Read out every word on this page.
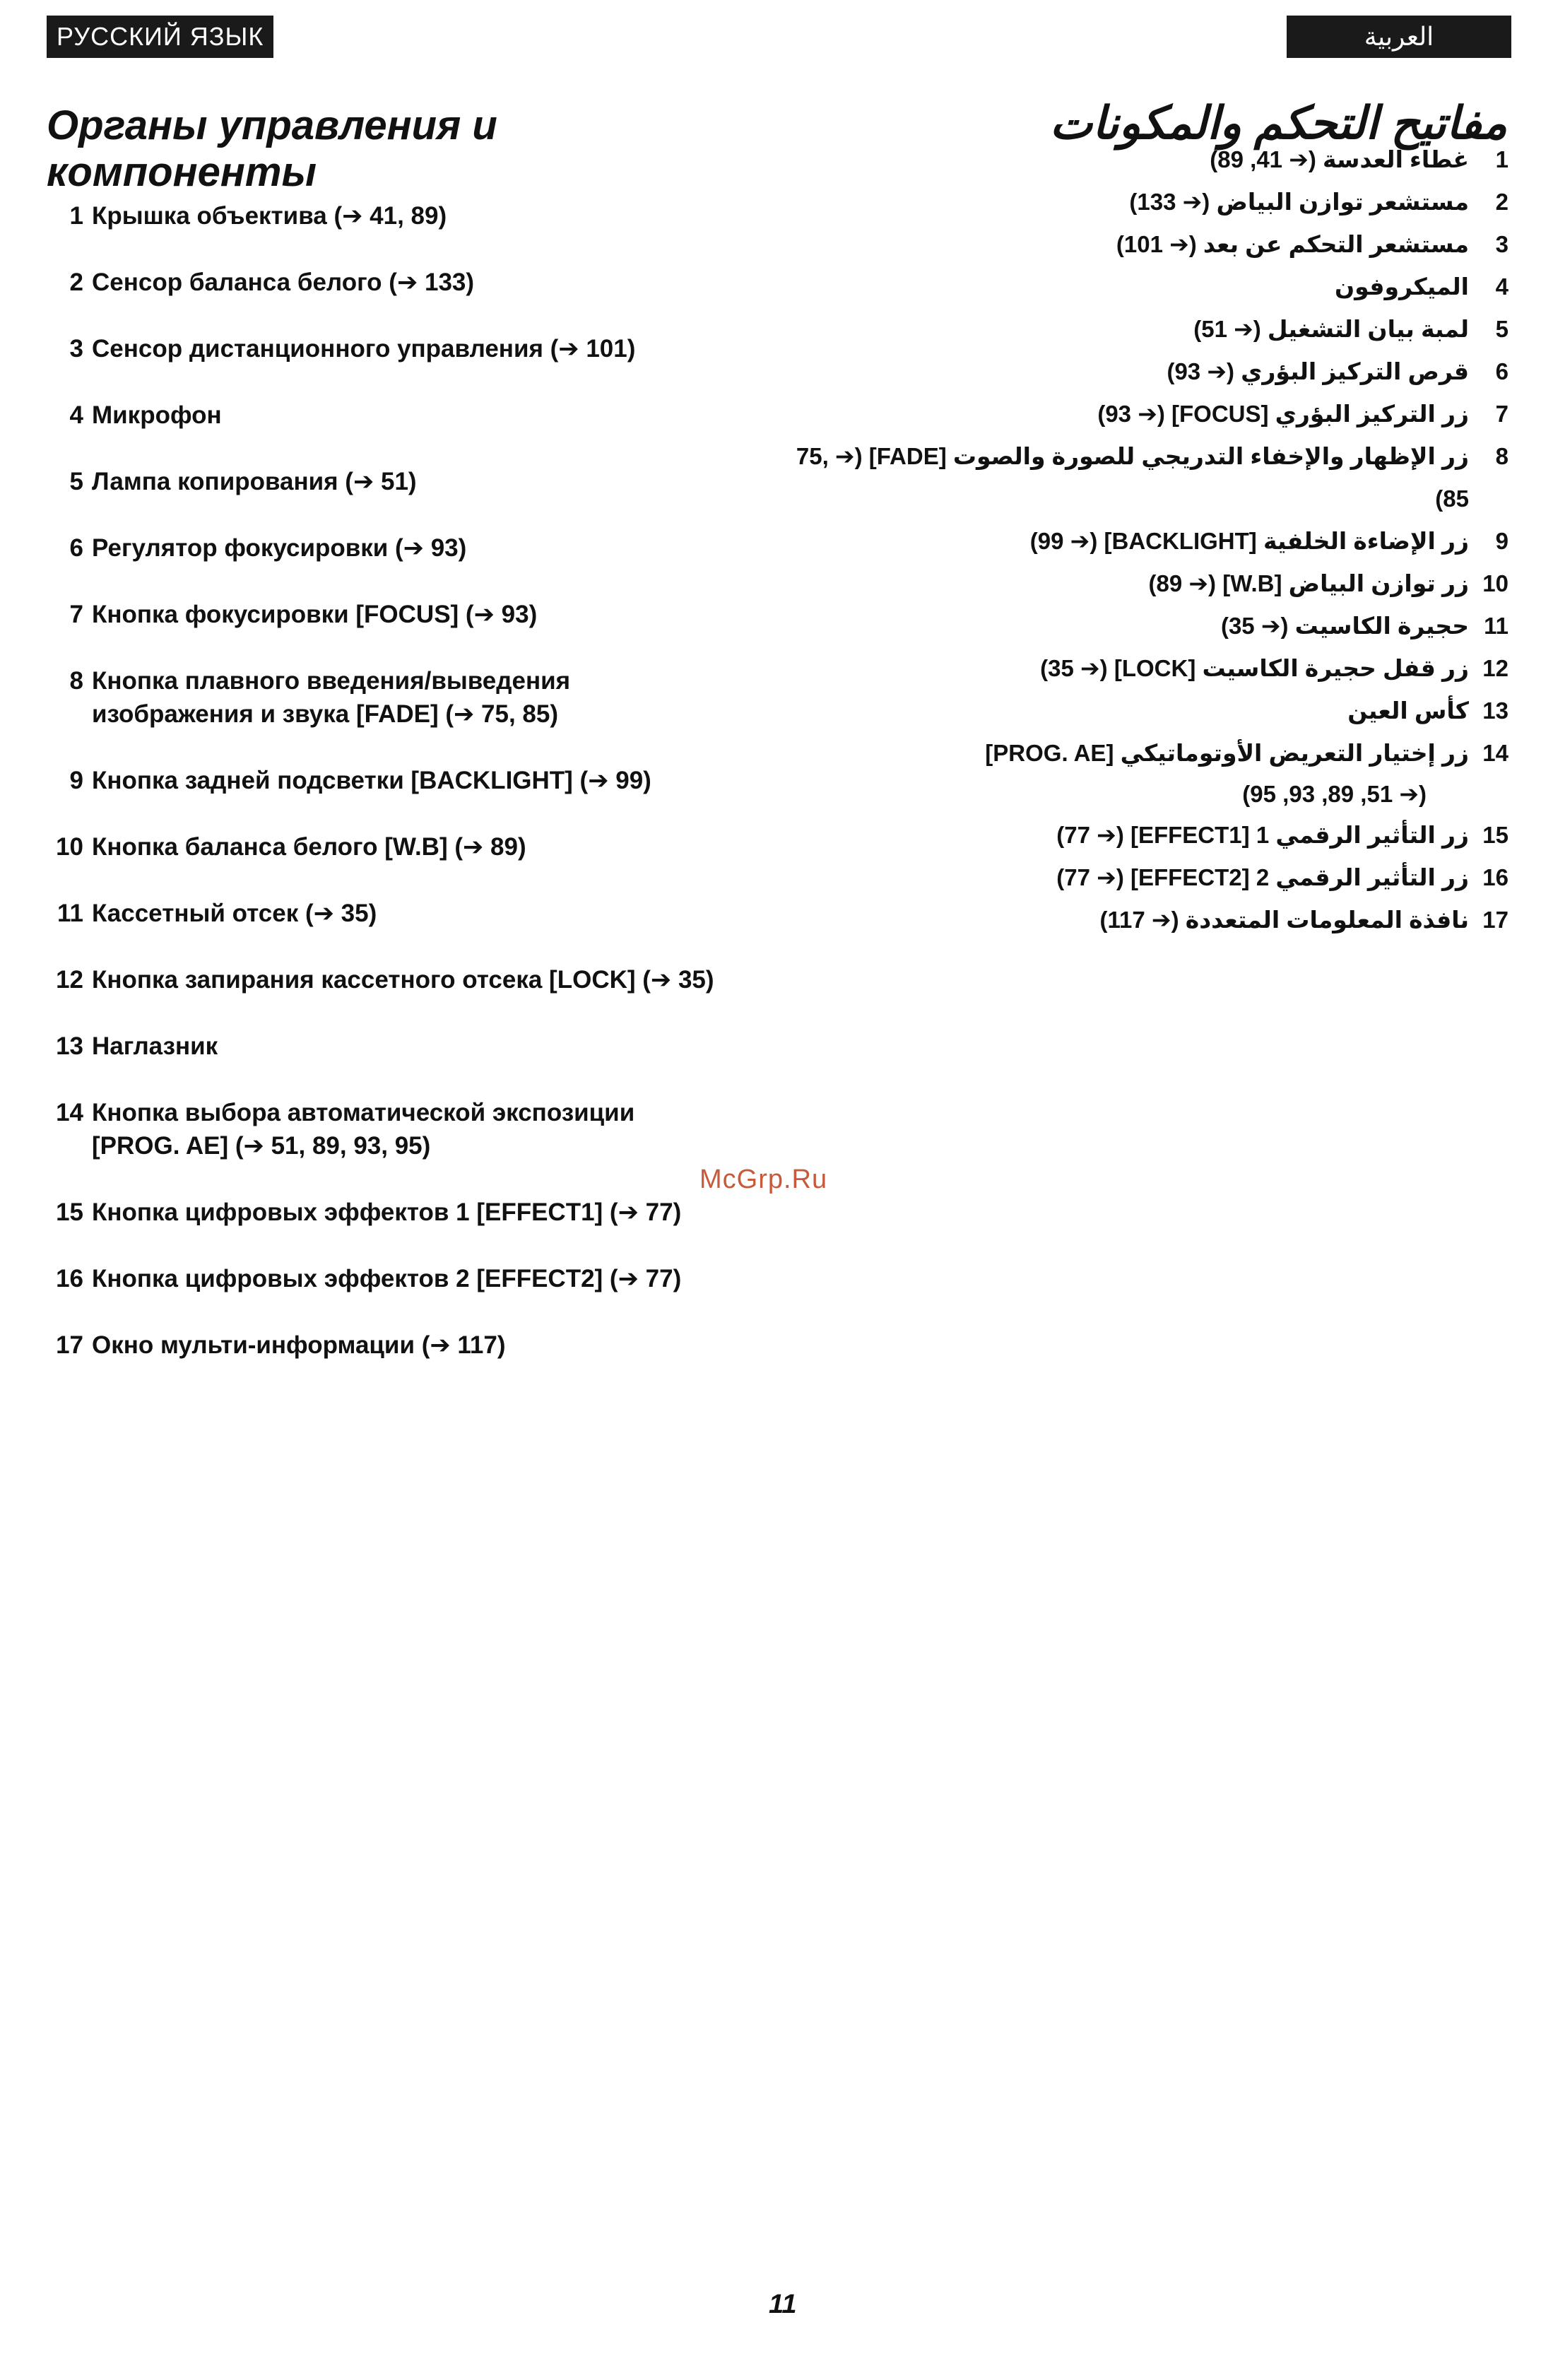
РУССКИЙ ЯЗЫК	العربية
Органы управления и компоненты
مفاتيح التحكم والمكونات
1 Крышка объектива (➔ 41, 89)
2 Сенсор баланса белого (➔ 133)
3 Сенсор дистанционного управления (➔ 101)
4 Микрофон
5 Лампа копирования (➔ 51)
6 Регулятор фокусировки (➔ 93)
7 Кнопка фокусировки [FOCUS] (➔ 93)
8 Кнопка плавного введения/выведения изображения и звука [FADE] (➔ 75, 85)
9 Кнопка задней подсветки [BACKLIGHT] (➔ 99)
10 Кнопка баланса белого [W.B] (➔ 89)
11 Кассетный отсек (➔ 35)
12 Кнопка запирания кассетного отсека [LOCK] (➔ 35)
13 Наглазник
14 Кнопка выбора автоматической экспозиции [PROG. AE] (➔ 51, 89, 93, 95)
15 Кнопка цифровых эффектов 1 [EFFECT1] (➔ 77)
16 Кнопка цифровых эффектов 2 [EFFECT2] (➔ 77)
17 Окно мульти-информации (➔ 117)
1
غطاء العدسة (➔ 41, 89)
2
مستشعر توازن البياض (➔ 133)
3
مستشعر التحكم عن بعد (➔ 101)
4
الميكروفون
5
لمبة بيان التشغيل (➔ 51)
6
قرص التركيز البؤري (➔ 93)
7
زر التركيز البؤري [FOCUS] (➔ 93)
8
زر الإظهار والإخفاء التدريجي للصورة والصوت [FADE] (➔ 75, 85)
9
زر الإضاءة الخلفية [BACKLIGHT] (➔ 99)
10
زر توازن البياض [W.B] (➔ 89)
11
حجيرة الكاسيت (➔ 35)
12
زر قفل حجيرة الكاسيت [LOCK] (➔ 35)
13
كأس العين
14
زر إختيار التعريض الأوتوماتيكي [PROG. AE]
(➔ 51, 89, 93, 95)
15
زر التأثير الرقمي 1 [EFFECT1] (➔ 77)
16
زر التأثير الرقمي 2 [EFFECT2] (➔ 77)
17
نافذة المعلومات المتعددة (➔ 117)
McGrp.Ru
11
